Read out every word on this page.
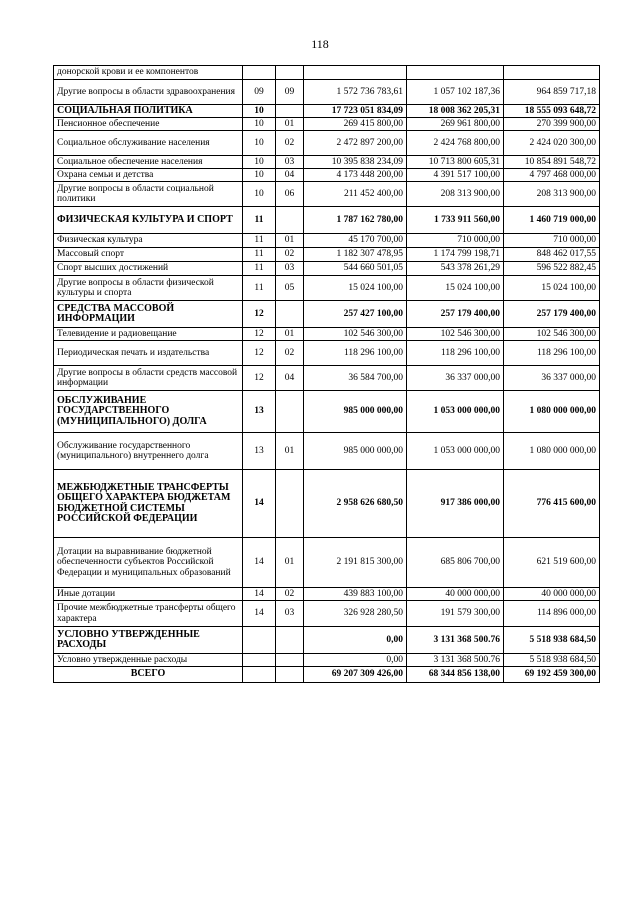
118
донорской крови и ее компонентов					
Другие вопросы в области здравоохранения	09	09	1 572 736 783,61	1 057 102 187,36	964 859 717,18
СОЦИАЛЬНАЯ ПОЛИТИКА	10		17 723 051 834,09	18 008 362 205,31	18 555 093 648,72
Пенсионное обеспечение	10	01	269 415 800,00	269 961 800,00	270 399 900,00
Социальное обслуживание населения	10	02	2 472 897 200,00	2 424 768 800,00	2 424 020 300,00
Социальное обеспечение населения	10	03	10 395 838 234,09	10 713 800 605,31	10 854 891 548,72
Охрана семьи и детства	10	04	4 173 448 200,00	4 391 517 100,00	4 797 468 000,00
Другие вопросы в области социальной политики	10	06	211 452 400,00	208 313 900,00	208 313 900,00
ФИЗИЧЕСКАЯ КУЛЬТУРА И СПОРТ	11		1 787 162 780,00	1 733 911 560,00	1 460 719 000,00
Физическая культура	11	01	45 170 700,00	710 000,00	710 000,00
Массовый спорт	11	02	1 182 307 478,95	1 174 799 198,71	848 462 017,55
Спорт высших достижений	11	03	544 660 501,05	543 378 261,29	596 522 882,45
Другие вопросы в области физической культуры и спорта	11	05	15 024 100,00	15 024 100,00	15 024 100,00
СРЕДСТВА МАССОВОЙ ИНФОРМАЦИИ	12		257 427 100,00	257 179 400,00	257 179 400,00
Телевидение и радиовещание	12	01	102 546 300,00	102 546 300,00	102 546 300,00
Периодическая печать и издательства	12	02	118 296 100,00	118 296 100,00	118 296 100,00
Другие вопросы в области средств массовой информации	12	04	36 584 700,00	36 337 000,00	36 337 000,00
ОБСЛУЖИВАНИЕ ГОСУДАРСТВЕННОГО (МУНИЦИПАЛЬНОГО) ДОЛГА	13		985 000 000,00	1 053 000 000,00	1 080 000 000,00
Обслуживание государственного (муниципального) внутреннего долга	13	01	985 000 000,00	1 053 000 000,00	1 080 000 000,00
МЕЖБЮДЖЕТНЫЕ ТРАНСФЕРТЫ ОБЩЕГО ХАРАКТЕРА БЮДЖЕТАМ БЮДЖЕТНОЙ СИСТЕМЫ РОССИЙСКОЙ ФЕДЕРАЦИИ	14		2 958 626 680,50	917 386 000,00	776 415 600,00
Дотации на выравнивание бюджетной обеспеченности субъектов Российской Федерации и муниципальных образований	14	01	2 191 815 300,00	685 806 700,00	621 519 600,00
Иные дотации	14	02	439 883 100,00	40 000 000,00	40 000 000,00
Прочие межбюджетные трансферты общего характера	14	03	326 928 280,50	191 579 300,00	114 896 000,00
УСЛОВНО УТВЕРЖДЕННЫЕ РАСХОДЫ			0,00	3 131 368 500.76	5 518 938 684,50
Условно утвержденные расходы			0,00	3 131 368 500.76	5 518 938 684,50
ВСЕГО			69 207 309 426,00	68 344 856 138,00	69 192 459 300,00
